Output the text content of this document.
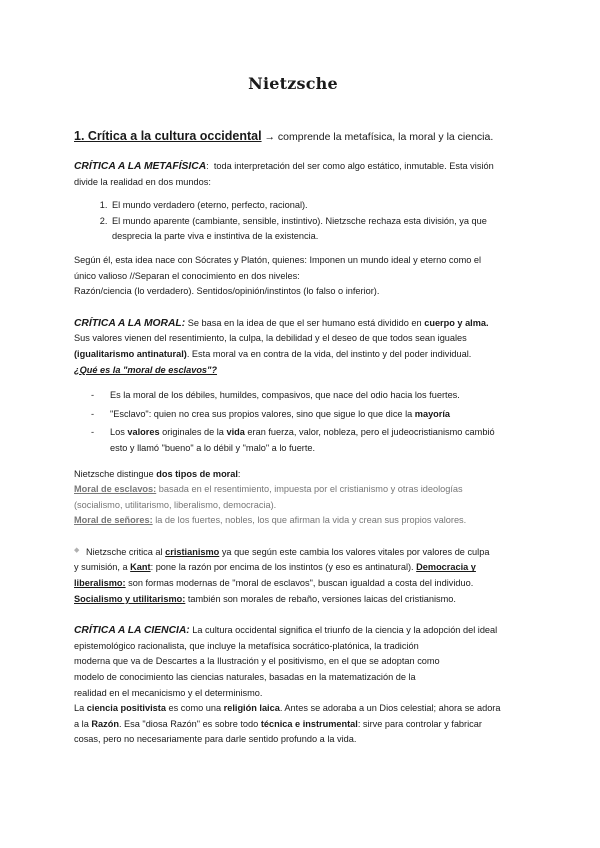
Nietzsche
1. Crítica a la cultura occidental → comprende la metafísica, la moral y la ciencia.

CRÍTICA A LA METAFÍSICA: toda interpretación del ser como algo estático, inmutable. Esta visión
divide la realidad en dos mundos:

1. El mundo verdadero (eterno, perfecto, racional).
2. El mundo aparente (cambiante, sensible, instintivo). Nietzsche rechaza esta división, ya que desprecia la parte viva e instintiva de la existencia.

Según él, esta idea nace con Sócrates y Platón, quienes: Imponen un mundo ideal y eterno como el
único valioso //Separan el conocimiento en dos niveles:
Razón/ciencia (lo verdadero). Sentidos/opinión/instintos (lo falso o inferior).

CRÍTICA A LA MORAL: Se basa en la idea de que el ser humano está dividido en cuerpo y alma.
Sus valores vienen del resentimiento, la culpa, la debilidad y el deseo de que todos sean iguales
(igualitarismo antinatural). Esta moral va en contra de la vida, del instinto y del poder individual.
¿Qué es la "moral de esclavos"?

- Es la moral de los débiles, humildes, compasivos, que nace del odio hacia los fuertes.
- "Esclavo": quien no crea sus propios valores, sino que sigue lo que dice la mayoría
- Los valores originales de la vida eran fuerza, valor, nobleza, pero el judeocristianismo cambió esto y llamó "bueno" a lo débil y "malo" a lo fuerte.

Nietzsche distingue dos tipos de moral:
Moral de esclavos: basada en el resentimiento, impuesta por el cristianismo y otras ideologías
(socialismo, utilitarismo, liberalismo, democracia).
Moral de señores: la de los fuertes, nobles, los que afirman la vida y crean sus propios valores.

◆ Nietzsche critica al cristianismo ya que según este cambia los valores vitales por valores de culpa

y sumisión, a Kant: pone la razón por encima de los instintos (y eso es antinatural). Democracia y
liberalismo: son formas modernas de "moral de esclavos", buscan igualdad a costa del individuo.
Socialismo y utilitarismo: también son morales de rebaño, versiones laicas del cristianismo.

CRÍTICA A LA CIENCIA: La cultura occidental significa el triunfo de la ciencia y la adopción del ideal
epistemológico racionalista, que incluye la metafísica socrático-platónica, la tradición
moderna que va de Descartes a la Ilustración y el positivismo, en el que se adoptan como
modelo de conocimiento las ciencias naturales, basadas en la matematización de la
realidad en el mecanicismo y el determinismo.
La ciencia positivista es como una religión laica. Antes se adoraba a un Dios celestial; ahora se adora
a la Razón. Esa "diosa Razón" es sobre todo técnica e instrumental: sirve para controlar y fabricar
cosas, pero no necesariamente para darle sentido profundo a la vida.
